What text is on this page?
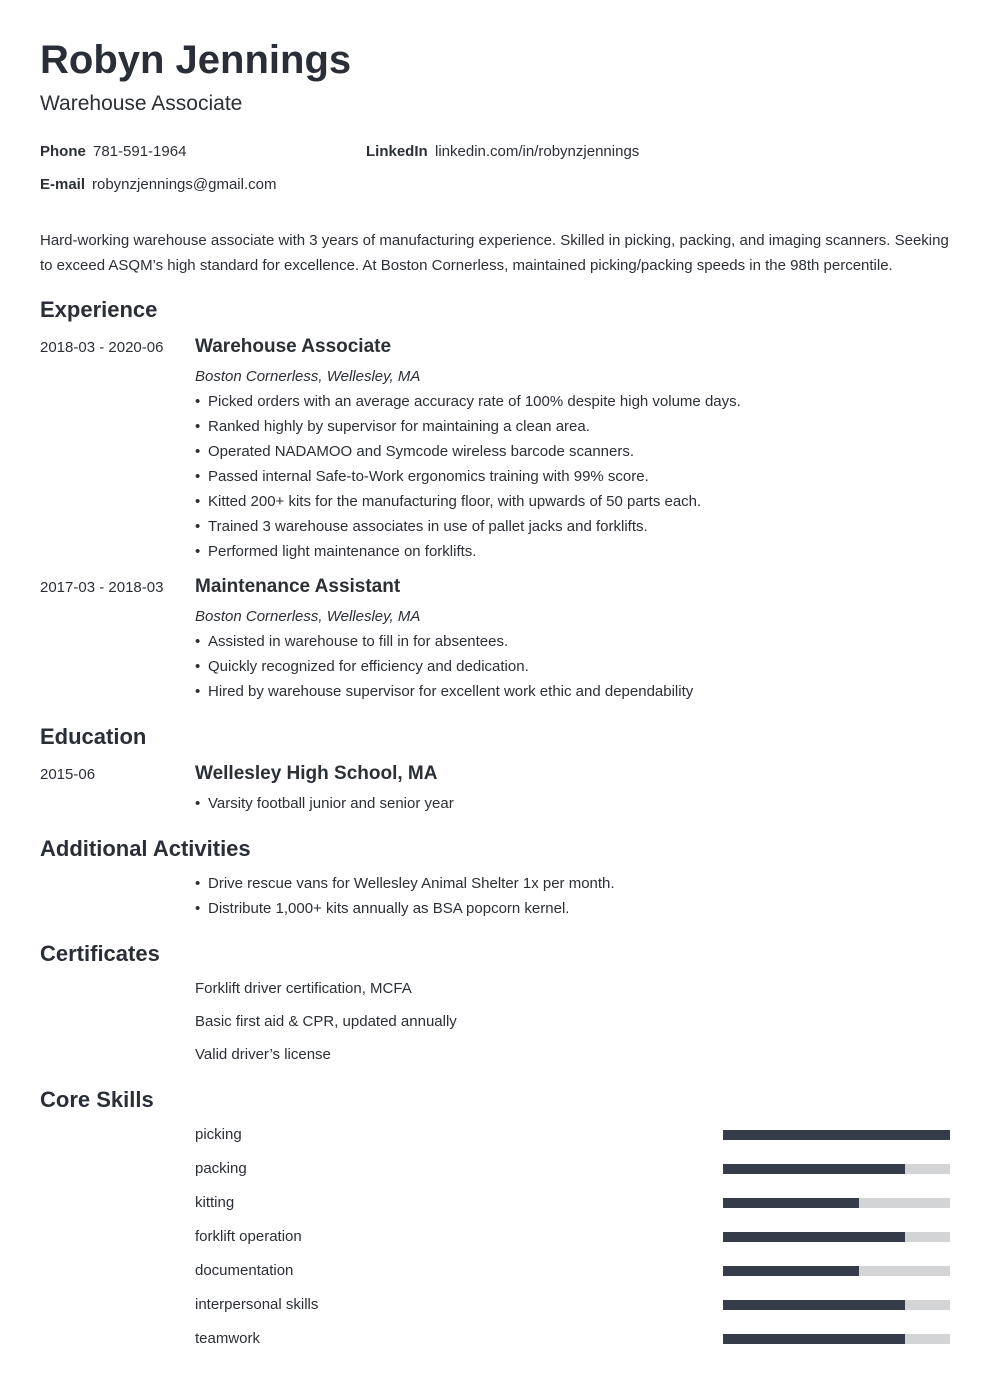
Robyn Jennings
Warehouse Associate
Phone 781-591-1964	LinkedIn linkedin.com/in/robynzjennings
E-mail robynzjennings@gmail.com
Hard-working warehouse associate with 3 years of manufacturing experience. Skilled in picking, packing, and imaging scanners. Seeking to exceed ASQM’s high standard for excellence. At Boston Cornerless, maintained picking/packing speeds in the 98th percentile.
Experience
2018-03 - 2020-06 Warehouse Associate
Boston Cornerless, Wellesley, MA
• Picked orders with an average accuracy rate of 100% despite high volume days.
• Ranked highly by supervisor for maintaining a clean area.
• Operated NADAMOO and Symcode wireless barcode scanners.
• Passed internal Safe-to-Work ergonomics training with 99% score.
• Kitted 200+ kits for the manufacturing floor, with upwards of 50 parts each.
• Trained 3 warehouse associates in use of pallet jacks and forklifts.
• Performed light maintenance on forklifts.
2017-03 - 2018-03 Maintenance Assistant
Boston Cornerless, Wellesley, MA
• Assisted in warehouse to fill in for absentees.
• Quickly recognized for efficiency and dedication.
• Hired by warehouse supervisor for excellent work ethic and dependability
Education
2015-06	Wellesley High School, MA
• Varsity football junior and senior year
Additional Activities
• Drive rescue vans for Wellesley Animal Shelter 1x per month.
• Distribute 1,000+ kits annually as BSA popcorn kernel.
Certificates
Forklift driver certification, MCFA
Basic first aid & CPR, updated annually
Valid driver’s license
Core Skills
picking
packing
kitting
forklift operation
documentation
interpersonal skills
teamwork
